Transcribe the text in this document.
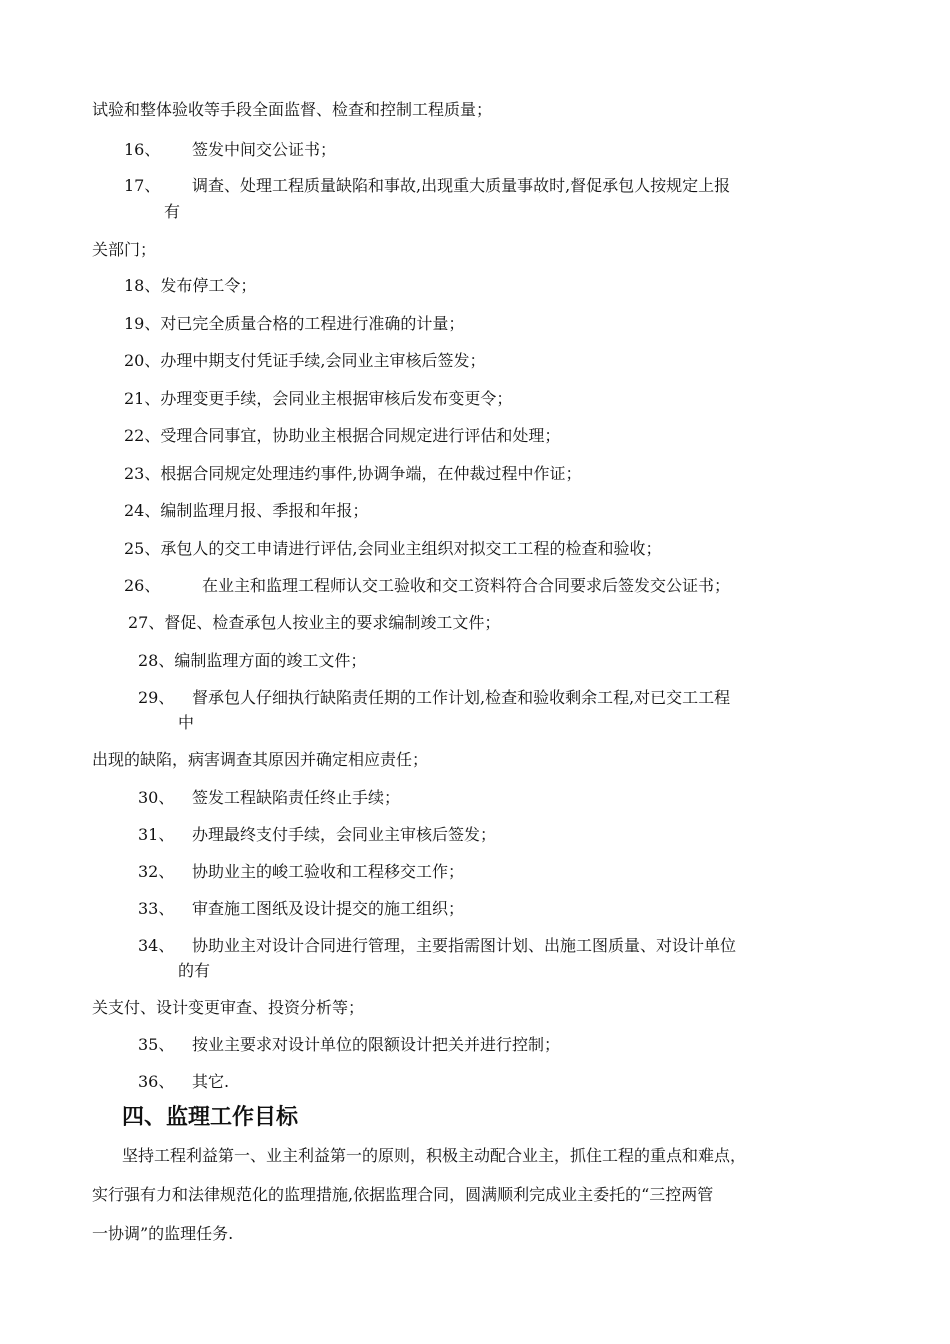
试验和整体验收等手段全面监督、检查和控制工程质量；
16、 签发中间交公证书；
17、 调查、处理工程质量缺陷和事故,出现重大质量事故时,督促承包人按规定上报
有
关部门；
18、发布停工令；
19、对已完全质量合格的工程进行准确的计量；
20、办理中期支付凭证手续,会同业主审核后签发；
21、办理变更手续，会同业主根据审核后发布变更令；
22、受理合同事宜，协助业主根据合同规定进行评估和处理；
23、根据合同规定处理违约事件,协调争端，在仲裁过程中作证；
24、编制监理月报、季报和年报；
25、承包人的交工申请进行评估,会同业主组织对拟交工工程的检查和验收；
26、	在业主和监理工程师认交工验收和交工资料符合合同要求后签发交公证书；
27、督促、检查承包人按业主的要求编制竣工文件；
28、编制监理方面的竣工文件；
29、 督承包人仔细执行缺陷责任期的工作计划,检查和验收剩余工程,对已交工工程
中
出现的缺陷，病害调查其原因并确定相应责任；
30、 签发工程缺陷责任终止手续；
31、 办理最终支付手续，会同业主审核后签发；
32、 协助业主的峻工验收和工程移交工作；
33、 审查施工图纸及设计提交的施工组织；
34、 协助业主对设计合同进行管理，主要指需图计划、出施工图质量、对设计单位
的有
关支付、设计变更审查、投资分析等；
35、 按业主要求对设计单位的限额设计把关并进行控制；
36、 其它.
四、监理工作目标
坚持工程利益第一、业主利益第一的原则，积极主动配合业主，抓住工程的重点和难点，
实行强有力和法律规范化的监理措施,依据监理合同，圆满顺利完成业主委托的“三控两管
一协调”的监理任务.
